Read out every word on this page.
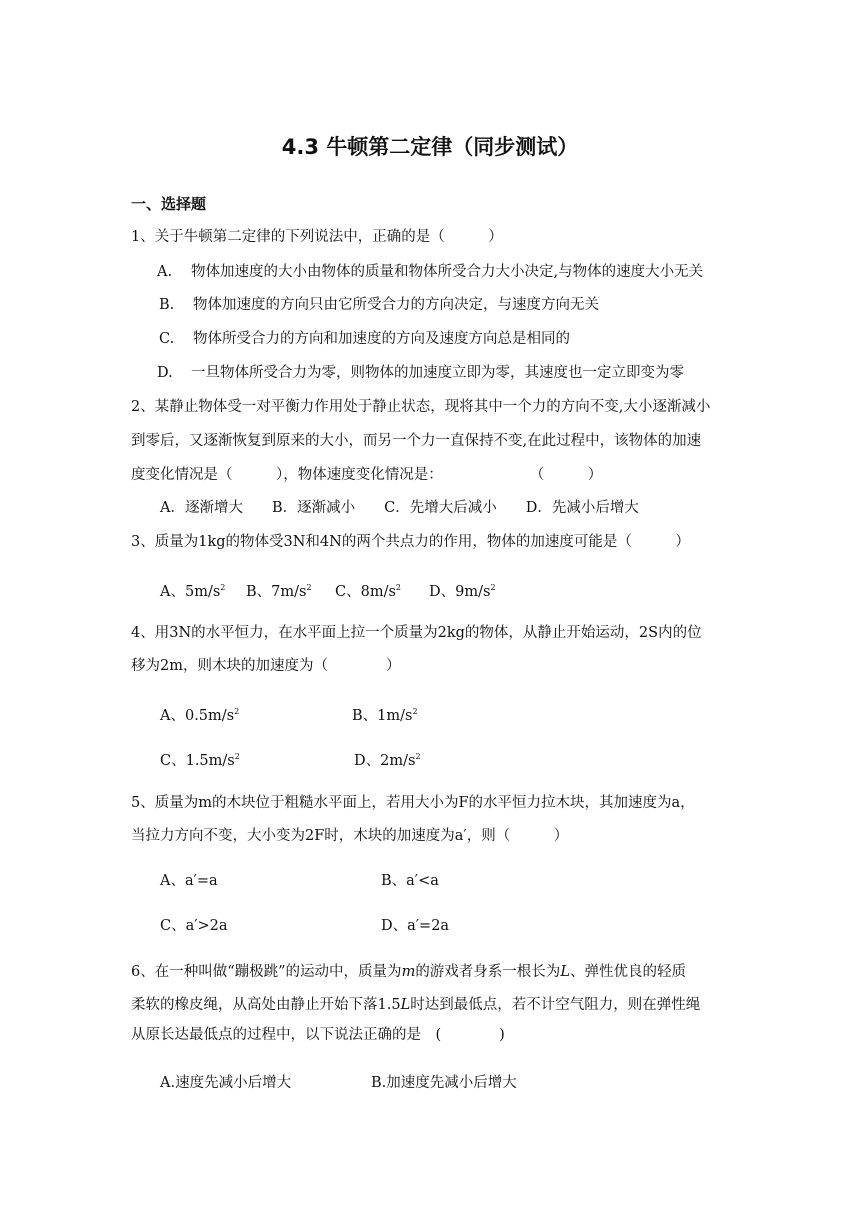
4.3 牛顿第二定律（同步测试）
一、选择题
1、关于牛顿第二定律的下列说法中，正确的是（　　　）
A. 物体加速度的大小由物体的质量和物体所受合力大小决定,与物体的速度大小无关
B. 物体加速度的方向只由它所受合力的方向决定，与速度方向无关
C. 物体所受合力的方向和加速度的方向及速度方向总是相同的
D. 一旦物体所受合力为零，则物体的加速度立即为零，其速度也一定立即变为零
2、某静止物体受一对平衡力作用处于静止状态，现将其中一个力的方向不变,大小逐渐减小
到零后，又逐渐恢复到原来的大小，而另一个力一直保持不变,在此过程中，该物体的加速
度变化情况是（　　　），物体速度变化情况是：　　　　　　　（　　　）
A．逐渐增大　　B．逐渐减小　　C．先增大后减小　　D．先减小后增大
3、质量为1kg的物体受3N和4N的两个共点力的作用，物体的加速度可能是（　　　）
A、$5m/s^2$ B、$7m/s^2$ C、$8m/s^2$ D、$9m/s^2$
4、用3N的水平恒力，在水平面上拉一个质量为2kg的物体，从静止开始运动，2S内的位
移为2m，则木块的加速度为（　　　　）
A、$0.5m/s^2$	B、$1m/s^2$
C、$1.5m/s^2$	D、$2m/s^2$
5、质量为m的木块位于粗糙水平面上，若用大小为F的水平恒力拉木块，其加速度为a，
当拉力方向不变，大小变为2F时，木块的加速度为a′，则（　　　）
A、a′=a	B、a′<a
C、a′>2a	D、a′=2a
6、在一种叫做“蹦极跳”的运动中，质量为m的游戏者身系一根长为L、弹性优良的轻质
柔软的橡皮绳，从高处由静止开始下落1.5L时达到最低点，若不计空气阻力，则在弹性绳
从原长达最低点的过程中，以下说法正确的是　(　　　　)
A.速度先减小后增大	B.加速度先减小后增大
